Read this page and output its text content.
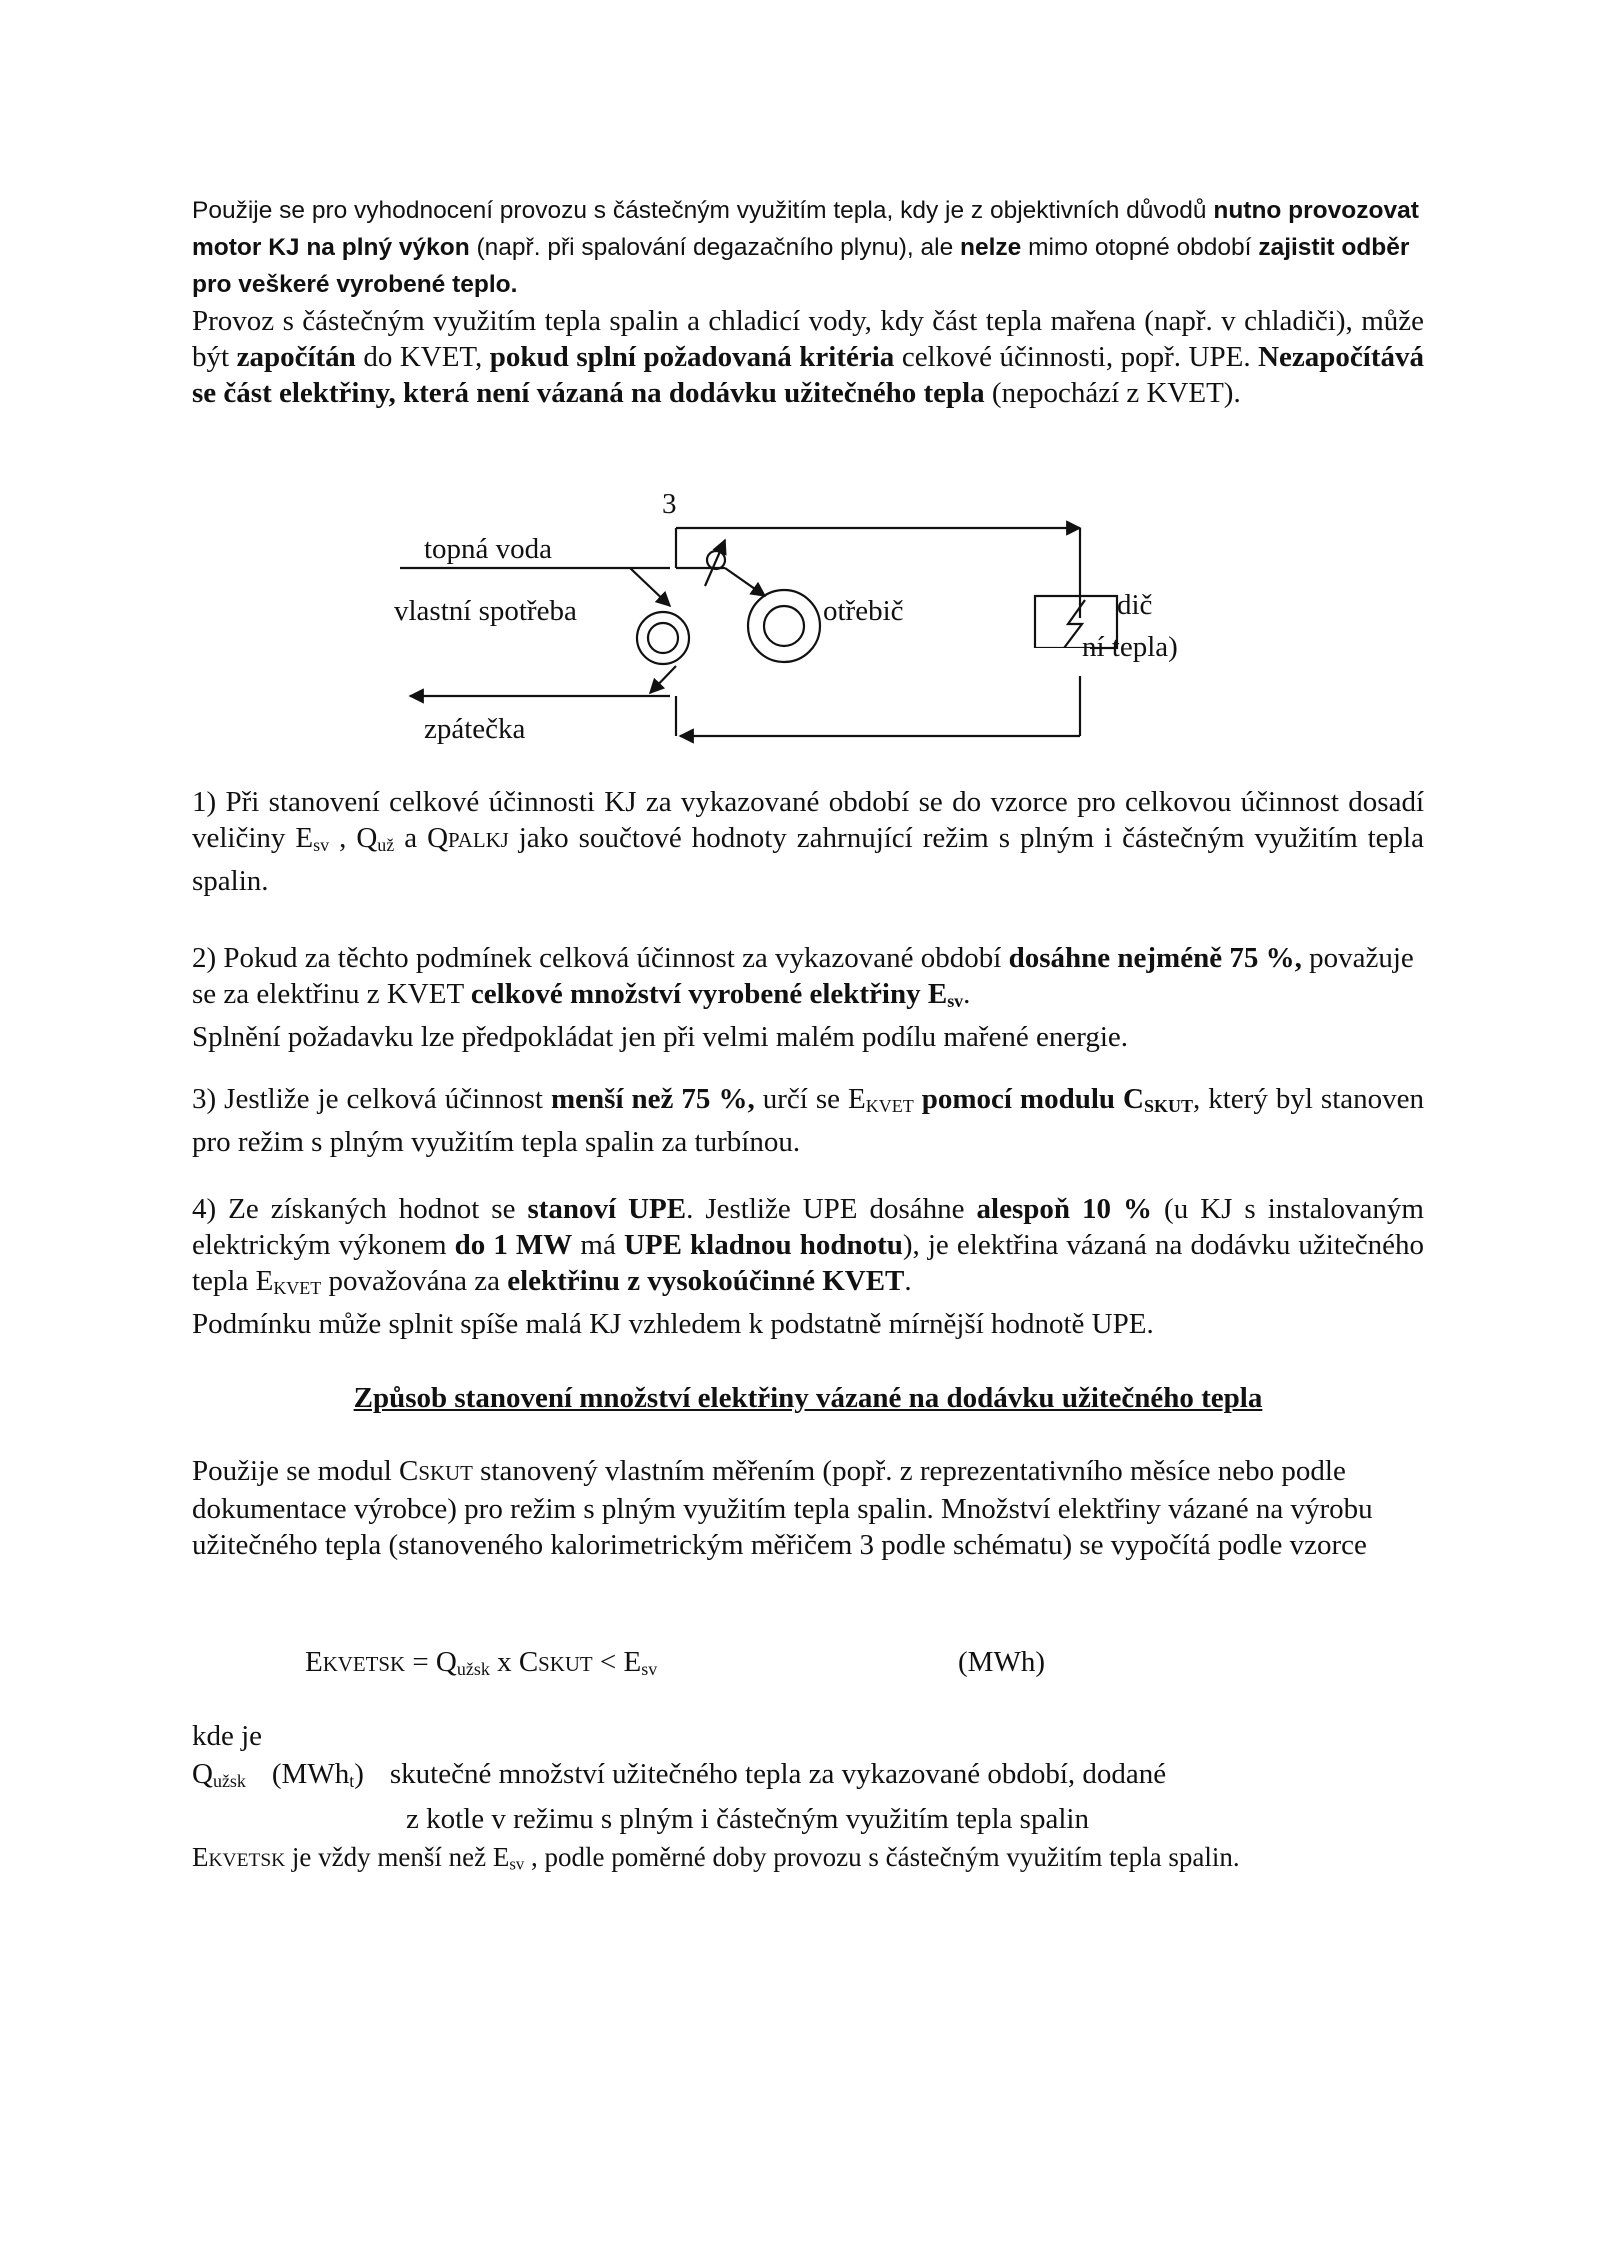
Použije se pro vyhodnocení provozu s částečným využitím tepla, kdy je z objektivních důvodů nutno provozovat motor KJ na plný výkon (např. při spalování degazačního plynu), ale nelze mimo otopné období zajistit odběr pro veškeré vyrobené teplo.
Provoz s částečným využitím tepla spalin a chladicí vody, kdy část tepla mařena (např. v chladiči), může být započítán do KVET, pokud splní požadovaná kritéria celkové účinnosti, popř. UPE. Nezapočítává se část elektřiny, která není vázaná na dodávku užitečného tepla (nepochází z KVET).
3
topná voda
vlastní spotřeba	otřebič	dič
ní tepla)
zpátečka
1) Při stanovení celkové účinnosti KJ za vykazované období se do vzorce pro celkovou účinnost dosadí veličiny $E_{sv}$ , $Q_{už}$ a QPALKJ jako součtové hodnoty zahrnující režim s plným i částečným využitím tepla spalin.

2) Pokud za těchto podmínek celková účinnost za vykazované období dosáhne nejméně 75 %, považuje se za elektřinu z KVET celkové množství vyrobené elektřiny $E_{sv}$.

Splnění požadavku lze předpokládat jen při velmi malém podílu mařené energie.

3) Jestliže je celková účinnost menší než 75 %, určí se $E_{KVET}$ pomocí modulu $C_{SKUT}$, který byl stanoven pro režim s plným využitím tepla spalin za turbínou.

4) Ze získaných hodnot se stanoví UPE. Jestliže UPE dosáhne alespoň 10 % (u KJ s instalovaným elektrickým výkonem do 1 MW má UPE kladnou hodnotu), je elektřina vázaná na dodávku užitečného tepla $E_{KVET}$ považována za elektřinu z vysokoúčinné KVET.

Podmínku může splnit spíše malá KJ vzhledem k podstatně mírnější hodnotě UPE.

Způsob stanovení množství elektřiny vázané na dodávku užitečného tepla
Použije se modul CSKUT stanovený vlastním měřením (popř. z reprezentativního měsíce nebo podle dokumentace výrobce) pro režim s plným využitím tepla spalin. Množství elektřiny vázané na výrobu užitečného tepla (stanoveného kalorimetrickým měřičem 3 podle schématu) se vypočítá podle vzorce
EKVETSK = $Q_{užsk}$ x CSKUT < $E_{sv}$	(MWh)

kde je

$Q_{užsk}$ (MWh$_t$) skutečné množství užitečného tepla za vykazované období, dodané

z kotle v režimu s plným i částečným využitím tepla spalin

EKVETSK je vždy menší než $E_{sv}$ , podle poměrné doby provozu s částečným využitím tepla spalin.
